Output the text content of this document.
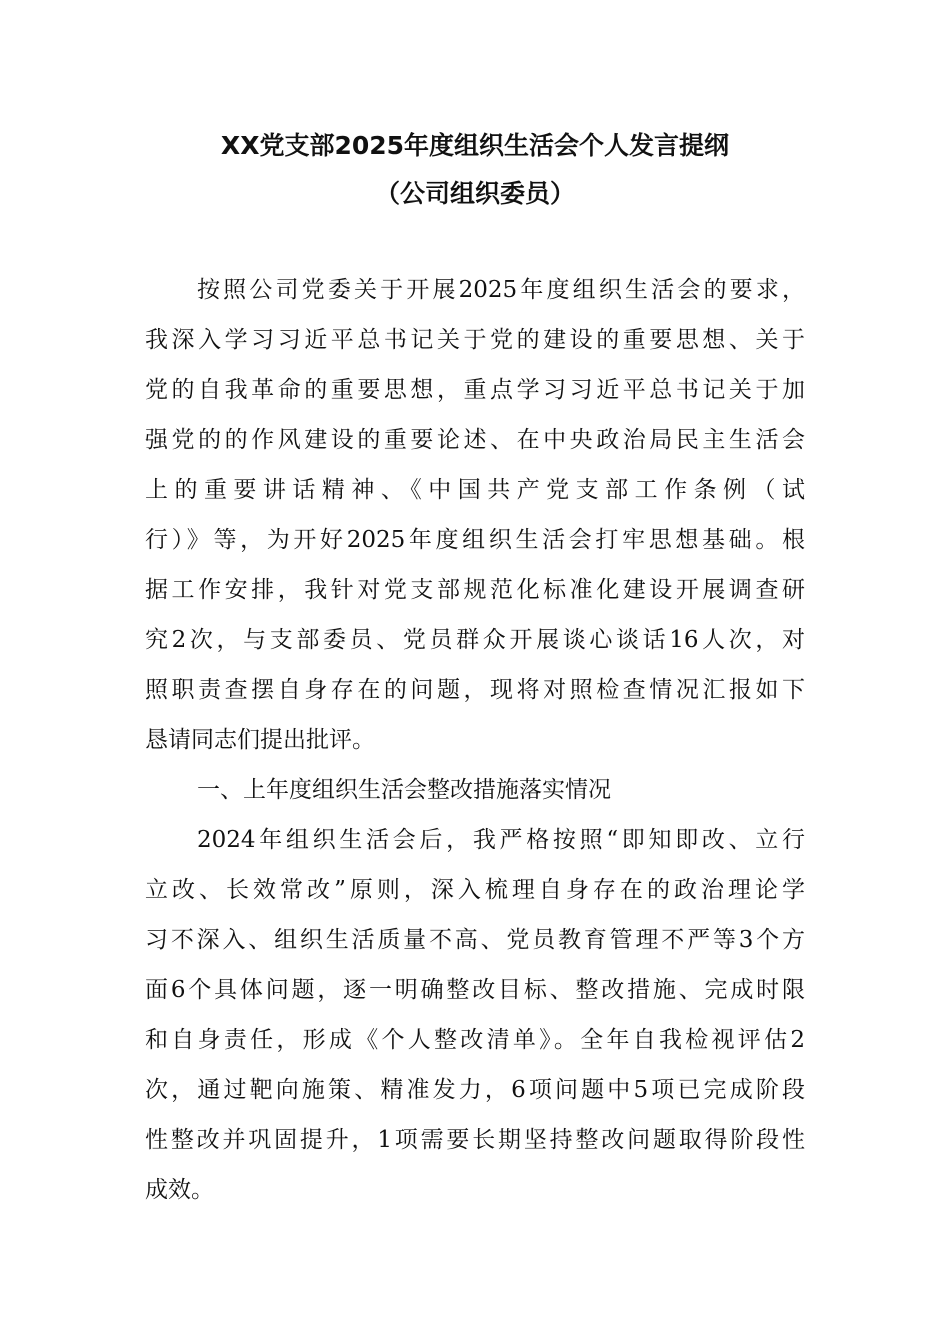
XX党支部2025年度组织生活会个人发言提纲
（公司组织委员）
按照公司党委关于开展2025年度组织生活会的要求，
我深入学习习近平总书记关于党的建设的重要思想、关于
党的自我革命的重要思想，重点学习习近平总书记关于加
强党的的作风建设的重要论述、在中央政治局民主生活会
上的重要讲话精神、《中国共产党支部工作条例（试
行）》等，为开好2025年度组织生活会打牢思想基础。根
据工作安排，我针对党支部规范化标准化建设开展调查研
究2次，与支部委员、党员群众开展谈心谈话16人次，对
照职责查摆自身存在的问题，现将对照检查情况汇报如下
恳请同志们提出批评。
一、上年度组织生活会整改措施落实情况
2024年组织生活会后，我严格按照“即知即改、立行
立改、长效常改”原则，深入梳理自身存在的政治理论学
习不深入、组织生活质量不高、党员教育管理不严等3个方
面6个具体问题，逐一明确整改目标、整改措施、完成时限
和自身责任，形成《个人整改清单》。全年自我检视评估2
次，通过靶向施策、精准发力，6项问题中5项已完成阶段
性整改并巩固提升，1项需要长期坚持整改问题取得阶段性
成效。
